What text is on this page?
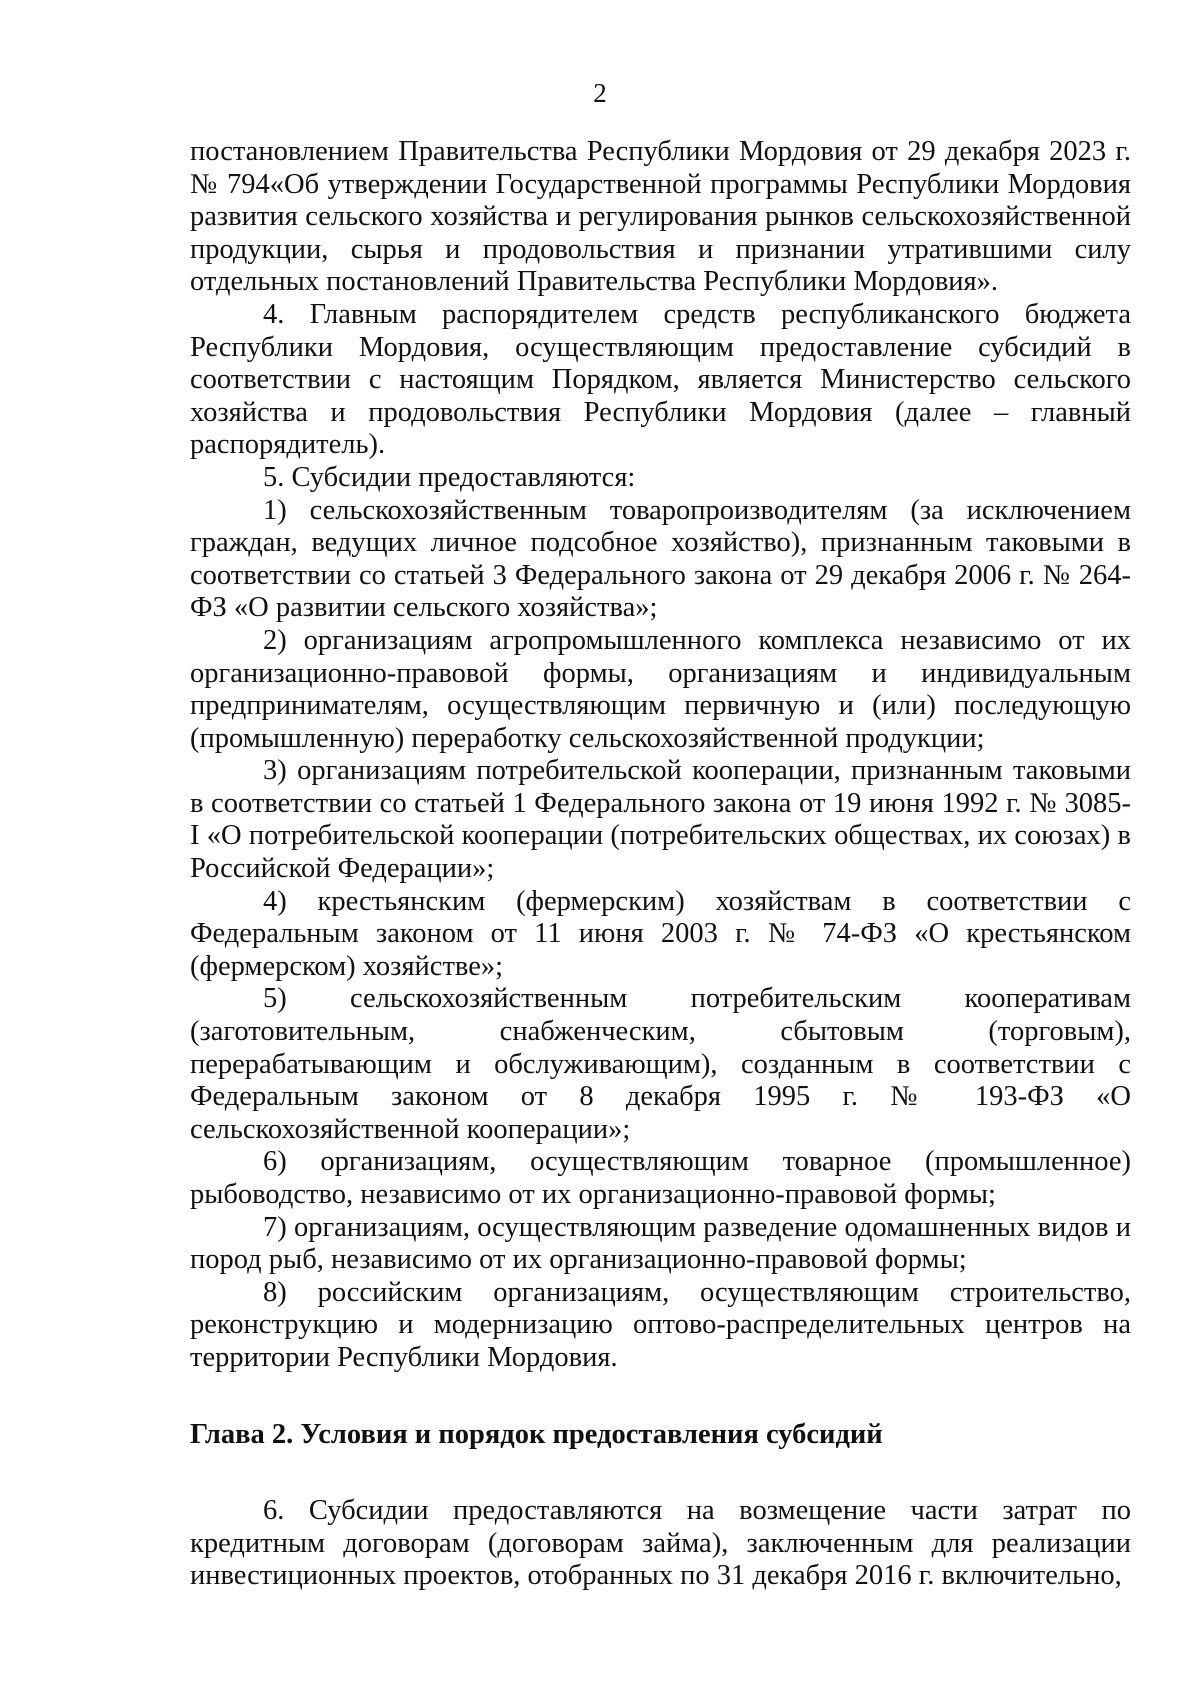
2

постановлением Правительства Республики Мордовия от 29 декабря 2023 г. № 794«Об утверждении Государственной программы Республики Мордовия развития сельского хозяйства и регулирования рынков сельскохозяйственной продукции, сырья и продовольствия и признании утратившими силу отдельных постановлений Правительства Республики Мордовия».

4. Главным распорядителем средств республиканского бюджета Республики Мордовия, осуществляющим предоставление субсидий в соответствии с настоящим Порядком, является Министерство сельского хозяйства и продовольствия Республики Мордовия (далее – главный распорядитель).

5. Субсидии предоставляются:

1) сельскохозяйственным товаропроизводителям (за исключением граждан, ведущих личное подсобное хозяйство), признанным таковыми в соответствии со статьей 3 Федерального закона от 29 декабря 2006 г. № 264-ФЗ «О развитии сельского хозяйства»;

2) организациям агропромышленного комплекса независимо от их организационно-правовой формы, организациям и индивидуальным предпринимателям, осуществляющим первичную и (или) последующую (промышленную) переработку сельскохозяйственной продукции;

3) организациям потребительской кооперации, признанным таковыми в соответствии со статьей 1 Федерального закона от 19 июня 1992 г. № 3085-I «О потребительской кооперации (потребительских обществах, их союзах) в Российской Федерации»;

4) крестьянским (фермерским) хозяйствам в соответствии с Федеральным законом от 11 июня 2003 г. № 74-ФЗ «О крестьянском (фермерском) хозяйстве»;

5) сельскохозяйственным потребительским кооперативам (заготовительным, снабженческим, сбытовым (торговым), перерабатывающим и обслуживающим), созданным в соответствии с Федеральным законом от 8 декабря 1995 г. № 193-ФЗ «О сельскохозяйственной кооперации»;

6) организациям, осуществляющим товарное (промышленное) рыбоводство, независимо от их организационно-правовой формы;

7) организациям, осуществляющим разведение одомашненных видов и пород рыб, независимо от их организационно-правовой формы;

8) российским организациям, осуществляющим строительство, реконструкцию и модернизацию оптово-распределительных центров на территории Республики Мордовия.

Глава 2. Условия и порядок предоставления субсидий

6. Субсидии предоставляются на возмещение части затрат по кредитным договорам (договорам займа), заключенным для реализации инвестиционных проектов, отобранных по 31 декабря 2016 г. включительно,
